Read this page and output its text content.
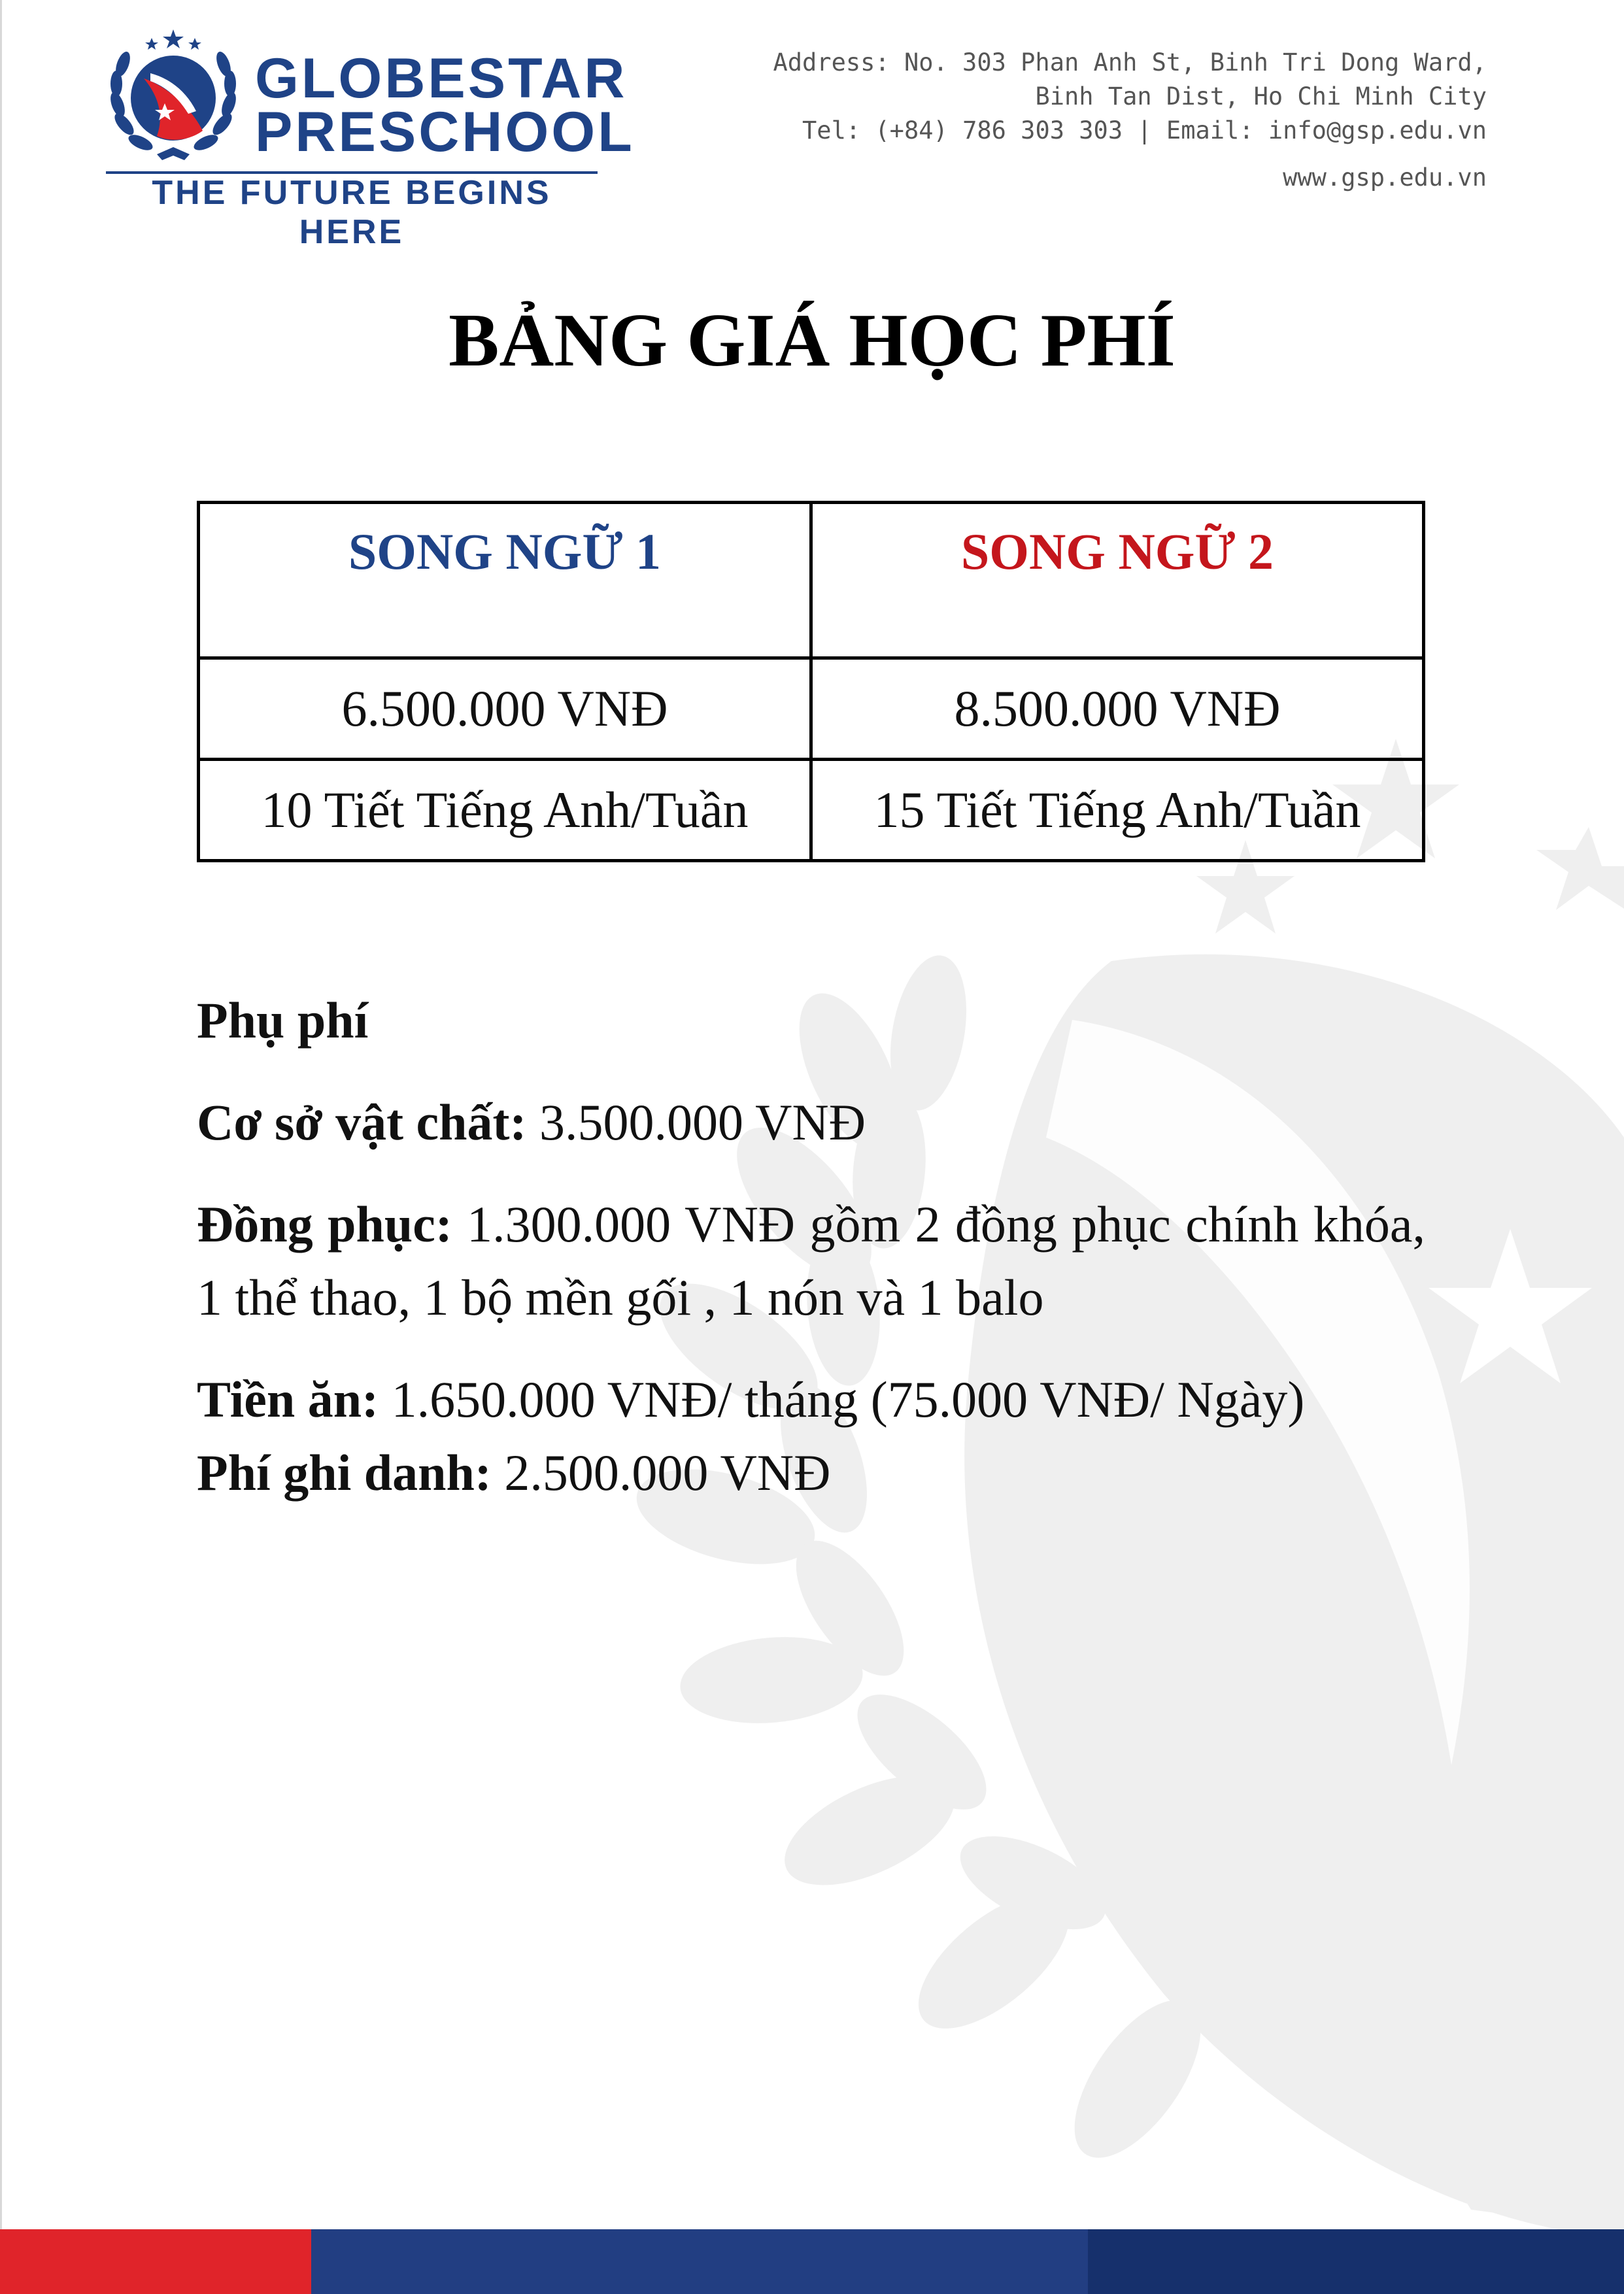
GLOBESTAR
PRESCHOOL
THE FUTURE BEGINS HERE
Address: No. 303 Phan Anh St, Binh Tri Dong Ward,
Binh Tan Dist, Ho Chi Minh City
Tel: (+84) 786 303 303 | Email: info@gsp.edu.vn
www.gsp.edu.vn
BẢNG GIÁ HỌC PHÍ
SONG NGỮ 1	SONG NGỮ 2
6.500.000 VNĐ	8.500.000 VNĐ
10 Tiết Tiếng Anh/Tuần	15 Tiết Tiếng Anh/Tuần

Phụ phí

Cơ sở vật chất: 3.500.000 VNĐ

Đồng phục: 1.300.000 VNĐ gồm 2 đồng phục chính khóa, 1 thể thao, 1 bộ mền gối , 1 nón và 1 balo

Tiền ăn: 1.650.000 VNĐ/ tháng (75.000 VNĐ/ Ngày)

Phí ghi danh: 2.500.000 VNĐ
